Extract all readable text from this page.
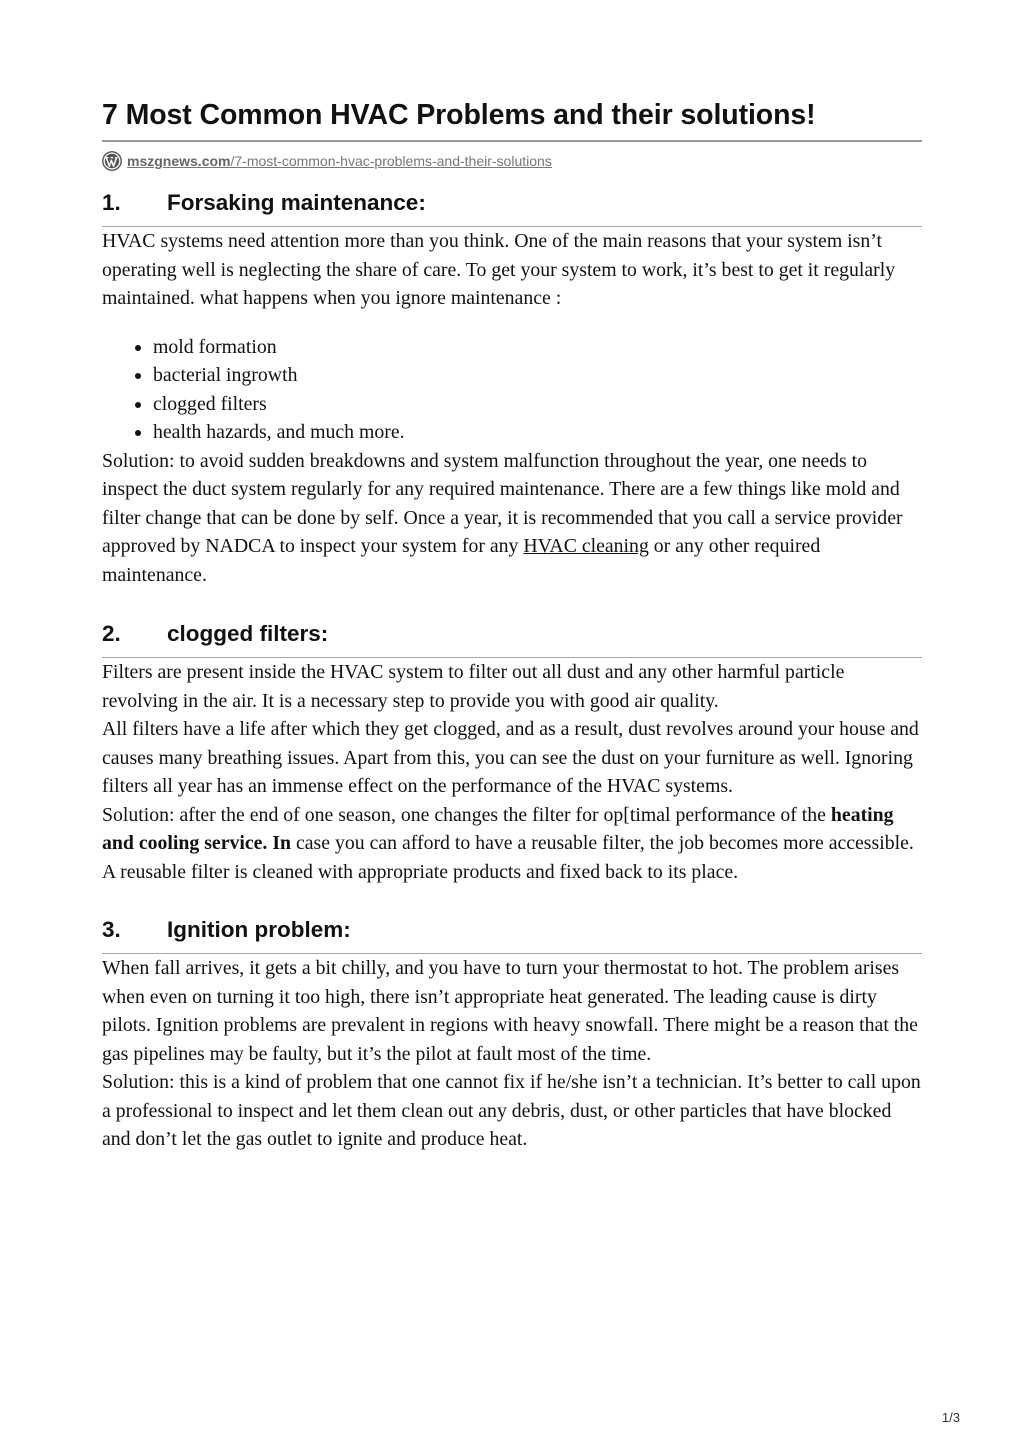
7 Most Common HVAC Problems and their solutions!
mszgnews.com/7-most-common-hvac-problems-and-their-solutions
1.	Forsaking maintenance:

HVAC systems need attention more than you think. One of the main reasons that your system isn’t operating well is neglecting the share of care. To get your system to work, it’s best to get it regularly maintained. what happens when you ignore maintenance :

• mold formation
• bacterial ingrowth
• clogged filters
• health hazards, and much more.

Solution: to avoid sudden breakdowns and system malfunction throughout the year, one needs to inspect the duct system regularly for any required maintenance. There are a few things like mold and filter change that can be done by self. Once a year, it is recommended that you call a service provider approved by NADCA to inspect your system for any HVAC cleaning or any other required maintenance.

2.	clogged filters:

Filters are present inside the HVAC system to filter out all dust and any other harmful particle revolving in the air. It is a necessary step to provide you with good air quality.

All filters have a life after which they get clogged, and as a result, dust revolves around your house and causes many breathing issues. Apart from this, you can see the dust on your furniture as well. Ignoring filters all year has an immense effect on the performance of the HVAC systems.

Solution: after the end of one season, one changes the filter for op[timal performance of the heating and cooling service. In case you can afford to have a reusable filter, the job becomes more accessible. A reusable filter is cleaned with appropriate products and fixed back to its place.

3.	Ignition problem:

When fall arrives, it gets a bit chilly, and you have to turn your thermostat to hot. The problem arises when even on turning it too high, there isn’t appropriate heat generated. The leading cause is dirty pilots. Ignition problems are prevalent in regions with heavy snowfall. There might be a reason that the gas pipelines may be faulty, but it’s the pilot at fault most of the time.

Solution: this is a kind of problem that one cannot fix if he/she isn’t a technician. It’s better to call upon a professional to inspect and let them clean out any debris, dust, or other particles that have blocked and don’t let the gas outlet to ignite and produce heat.

1/3
